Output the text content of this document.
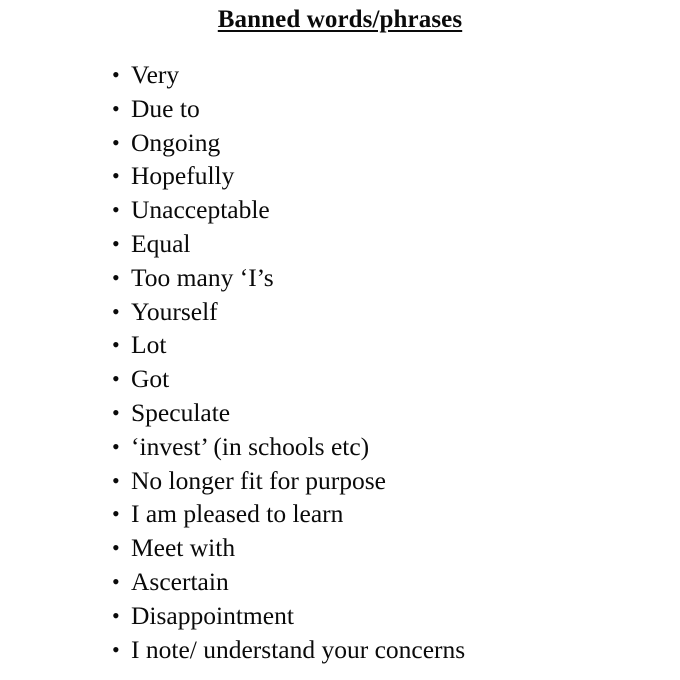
Banned words/phrases
• Very
• Due to
• Ongoing
• Hopefully
• Unacceptable
• Equal
• Too many ‘I’s
• Yourself
• Lot
• Got
• Speculate
• ‘invest’ (in schools etc)
• No longer fit for purpose
• I am pleased to learn
• Meet with
• Ascertain
• Disappointment
• I note/ understand your concerns
